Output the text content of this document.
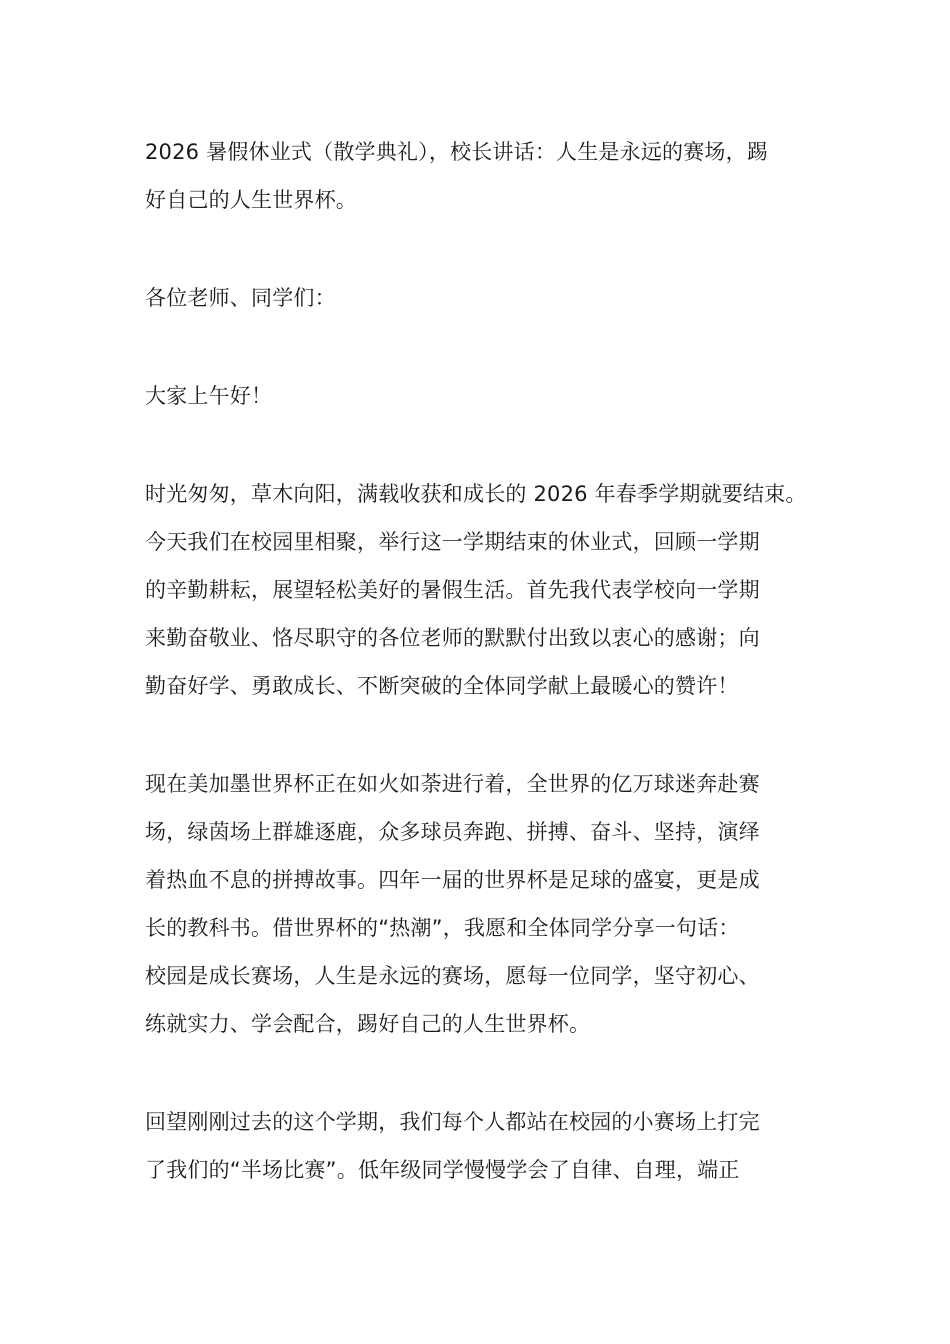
2026 暑假休业式（散学典礼），校长讲话：人生是永远的赛场，踢
好自己的人生世界杯。

各位老师、同学们：

大家上午好！

时光匆匆，草木向阳，满载收获和成长的 2026 年春季学期就要结束。
今天我们在校园里相聚，举行这一学期结束的休业式，回顾一学期
的辛勤耕耘，展望轻松美好的暑假生活。首先我代表学校向一学期
来勤奋敬业、恪尽职守的各位老师的默默付出致以衷心的感谢；向
勤奋好学、勇敢成长、不断突破的全体同学献上最暖心的赞许！

现在美加墨世界杯正在如火如荼进行着，全世界的亿万球迷奔赴赛
场，绿茵场上群雄逐鹿，众多球员奔跑、拼搏、奋斗、坚持，演绎
着热血不息的拼搏故事。四年一届的世界杯是足球的盛宴，更是成
长的教科书。借世界杯的“热潮”，我愿和全体同学分享一句话：
校园是成长赛场，人生是永远的赛场，愿每一位同学，坚守初心、
练就实力、学会配合，踢好自己的人生世界杯。

回望刚刚过去的这个学期，我们每个人都站在校园的小赛场上打完
了我们的“半场比赛”。低年级同学慢慢学会了自律、自理，端正
